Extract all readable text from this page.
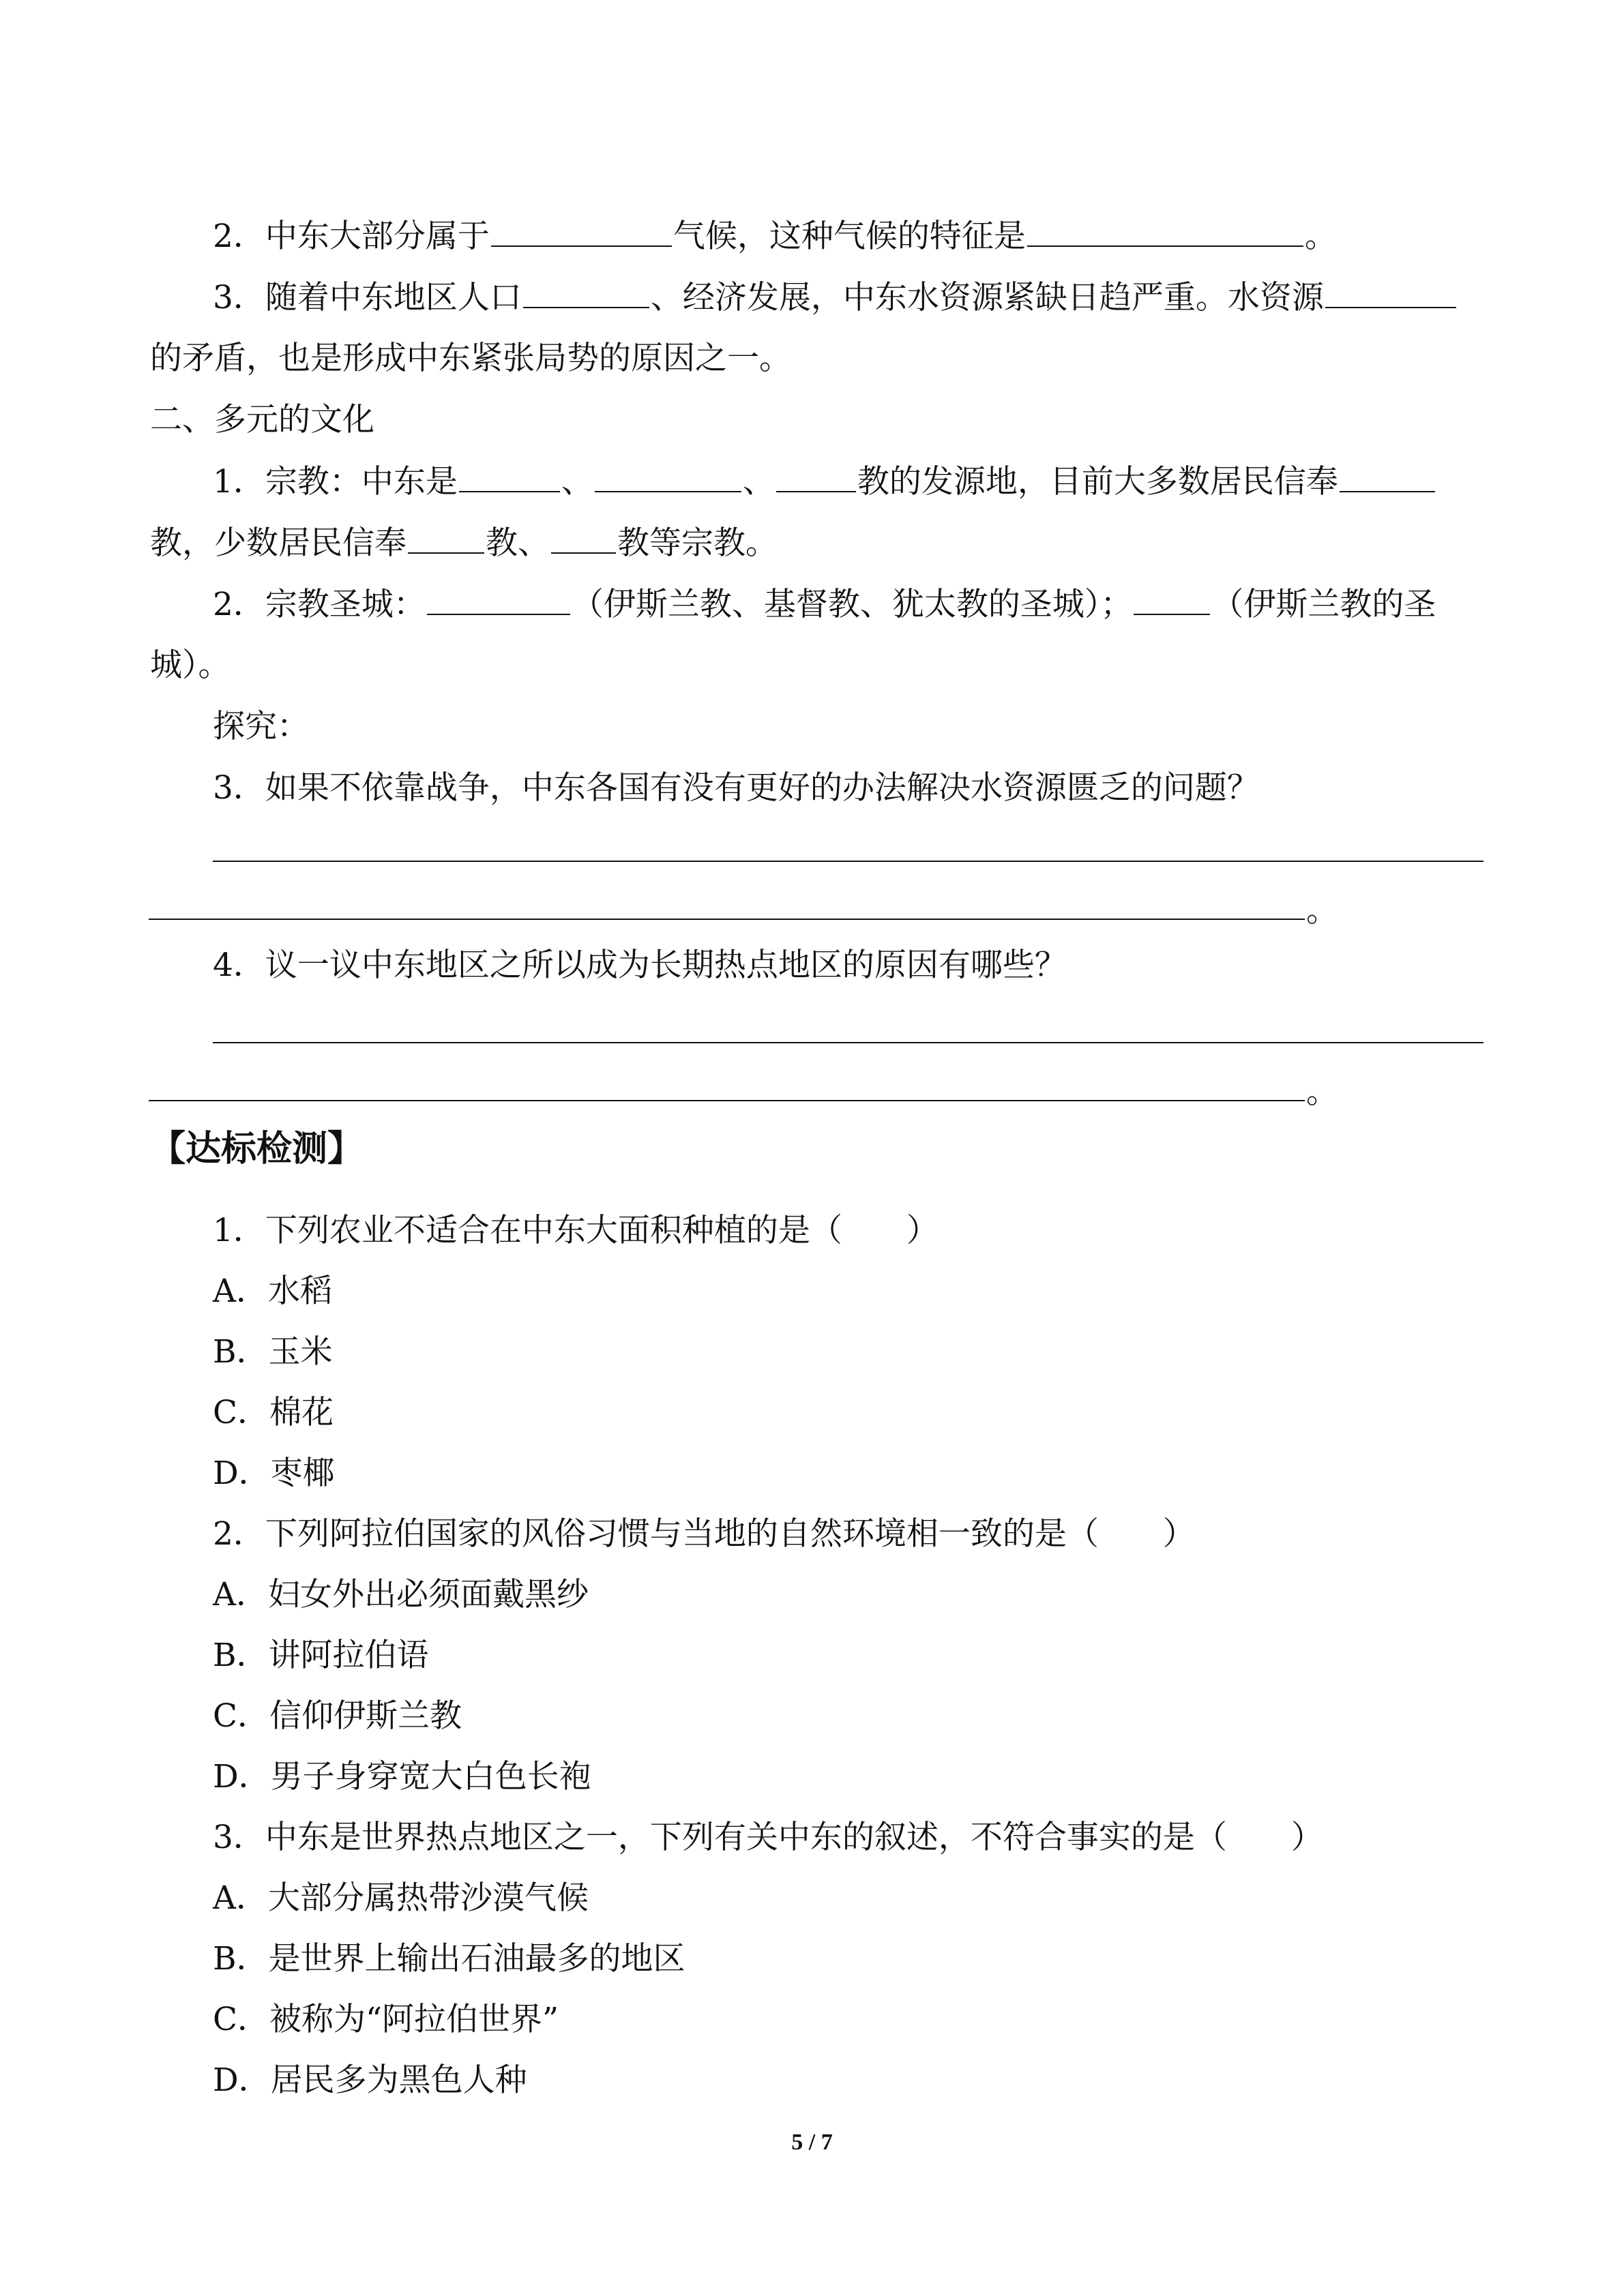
2．中东大部分属于	气候，这种气候的特征是	。
3．随着中东地区人口	、经济发展，中东水资源紧缺日趋严重。水资源
的矛盾，也是形成中东紧张局势的原因之一。
二、多元的文化
1．宗教：中东是	、	、	教的发源地，目前大多数居民信奉
教，少数居民信奉 教、 教等宗教。
2．宗教圣城：	（伊斯兰教、基督教、犹太教的圣城）； （伊斯兰教的圣
城）。
探究：
3．如果不依靠战争，中东各国有没有更好的办法解决水资源匮乏的问题？
。
4．议一议中东地区之所以成为长期热点地区的原因有哪些？
。
【达标检测】
1．下列农业不适合在中东大面积种植的是（　　）
A．水稻
B．玉米
C．棉花
D．枣椰
2．下列阿拉伯国家的风俗习惯与当地的自然环境相一致的是（　　）
A．妇女外出必须面戴黑纱
B．讲阿拉伯语
C．信仰伊斯兰教
D．男子身穿宽大白色长袍
3．中东是世界热点地区之一，下列有关中东的叙述，不符合事实的是（　　）
A．大部分属热带沙漠气候
B．是世界上输出石油最多的地区
C．被称为“阿拉伯世界”
D．居民多为黑色人种
5 / 7
